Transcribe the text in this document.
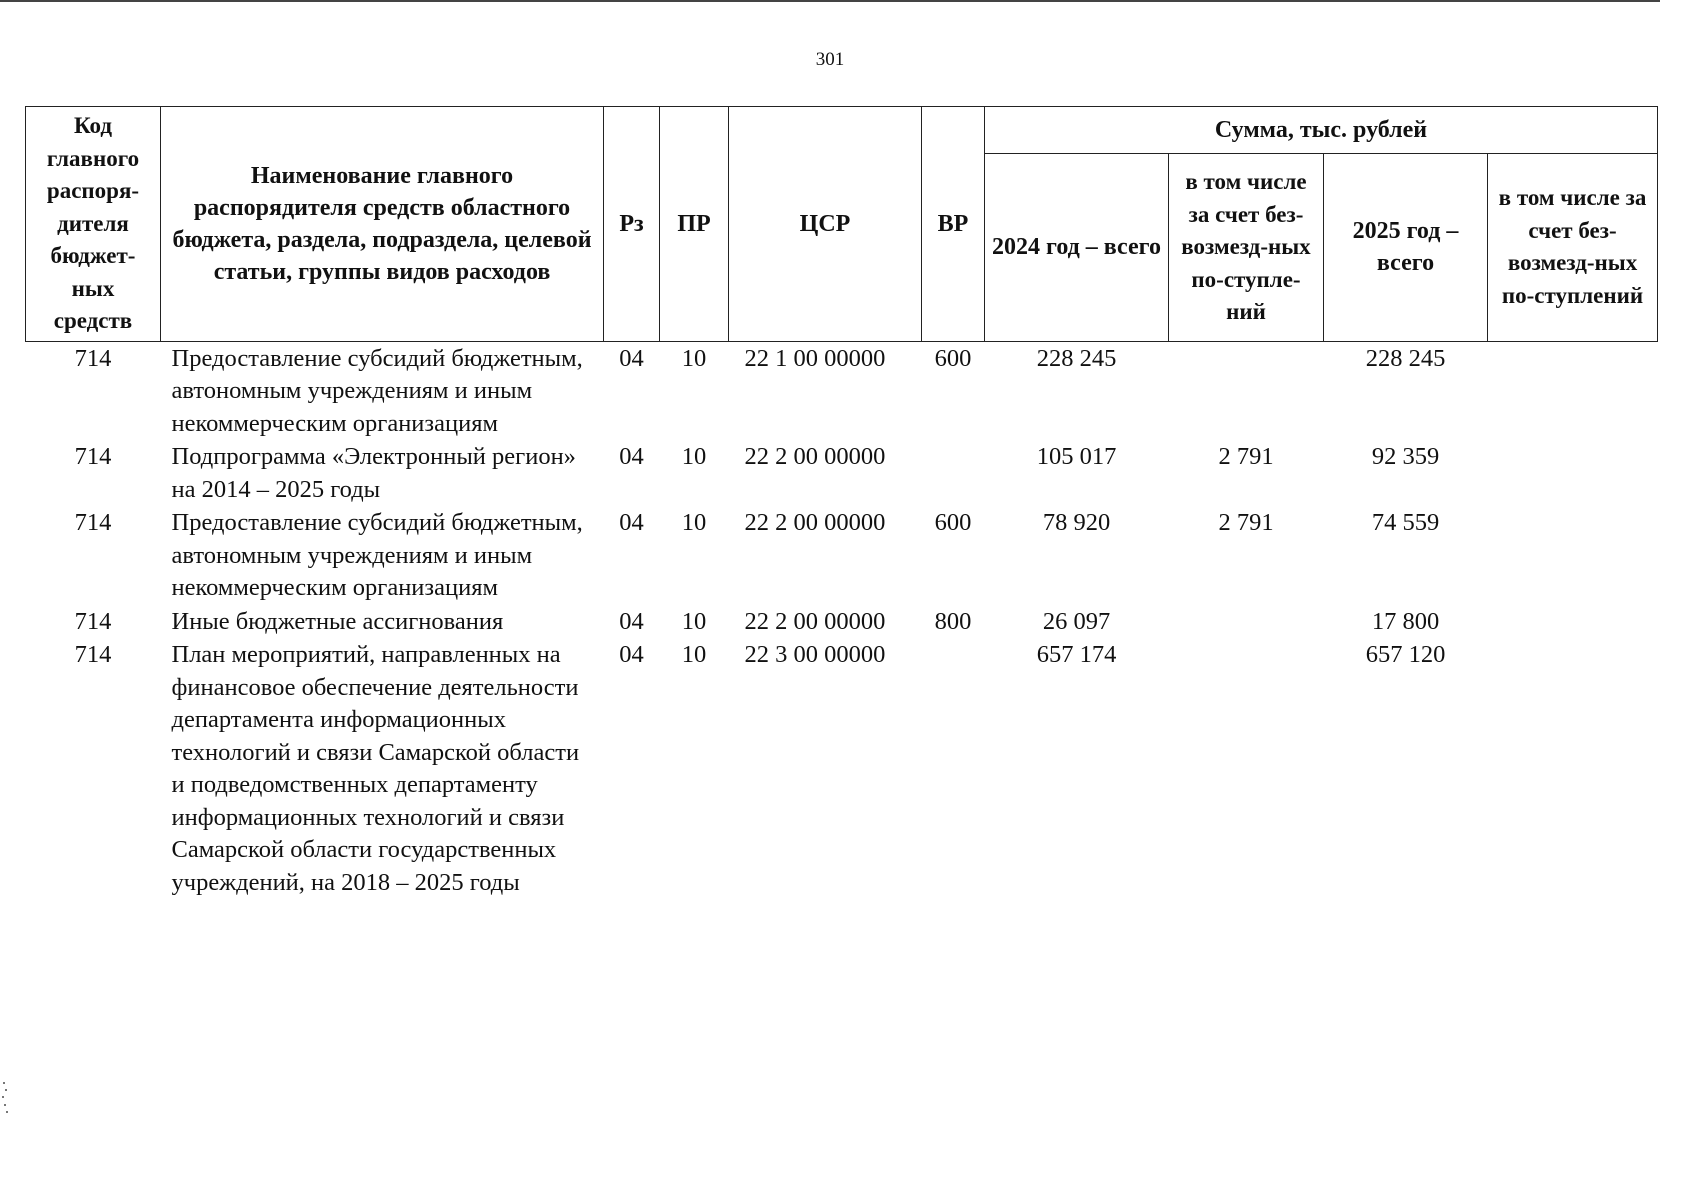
301
Код главного распоря-дителя бюджет-ных средств	Наименование главного распорядителя средств областного бюджета, раздела, подраздела, целевой статьи, группы видов расходов	Рз	ПР	ЦСР	ВР	Сумма, тыс. рублей			
						2024 год – всего	в том числе за счет без-возмезд-ных по-ступле-ний	2025 год – всего	в том числе за счет без-возмезд-ных по-ступлений
714	Предоставление субсидий бюджетным, автономным учреждениям и иным некоммерческим организациям	04	10	22 1 00 00000	600	228 245		228 245	
714	Подпрограмма «Электронный регион» на 2014 – 2025 годы	04	10	22 2 00 00000		105 017	2 791	92 359	
714	Предоставление субсидий бюджетным, автономным учреждениям и иным некоммерческим организациям	04	10	22 2 00 00000	600	78 920	2 791	74 559	
714	Иные бюджетные ассигнования	04	10	22 2 00 00000	800	26 097		17 800	
714	План мероприятий, направленных на финансовое обеспечение деятельности департамента информационных технологий и связи Самарской области и подведомственных департаменту информационных технологий и связи Самарской области государственных учреждений, на 2018 – 2025 годы	04	10	22 3 00 00000		657 174		657 120	
